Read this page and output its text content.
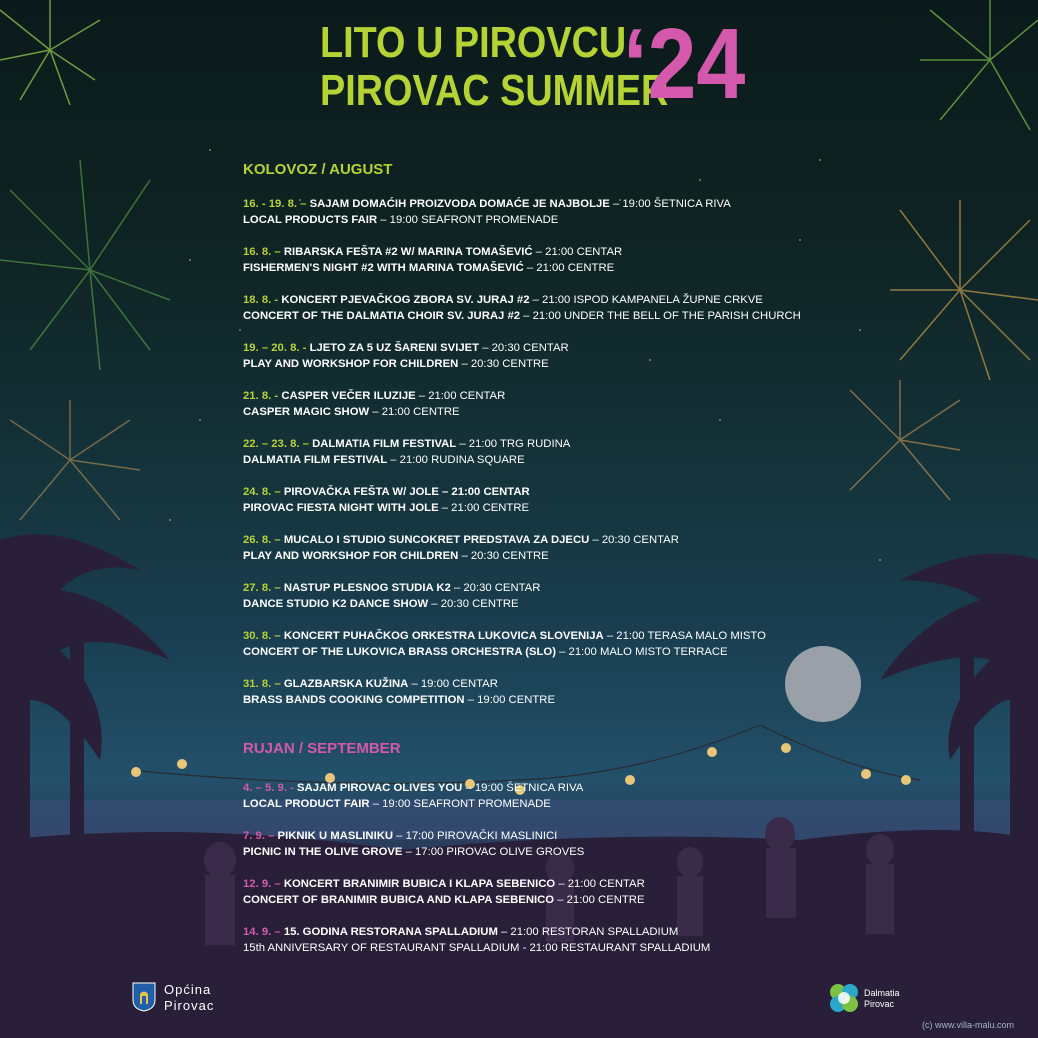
LITO U PIROVCU
PIROVAC SUMMER
‘24
KOLOVOZ / AUGUST
16. - 19. 8. – SAJAM DOMAĆIH PROIZVODA DOMAĆE JE NAJBOLJE – 19:00 ŠETNICA RIVA
LOCAL PRODUCTS FAIR – 19:00 SEAFRONT PROMENADE
16. 8. – RIBARSKA FEŠTA #2 W/ MARINA TOMAŠEVIĆ – 21:00 CENTAR
FISHERMEN'S NIGHT #2 WITH MARINA TOMAŠEVIĆ – 21:00 CENTRE
18. 8. - KONCERT PJEVAČKOG ZBORA SV. JURAJ #2 – 21:00 ISPOD KAMPANELA ŽUPNE CRKVE
CONCERT OF THE DALMATIA CHOIR SV. JURAJ #2 – 21:00 UNDER THE BELL OF THE PARISH CHURCH
19. – 20. 8. - LJETO ZA 5 UZ ŠARENI SVIJET – 20:30 CENTAR
PLAY AND WORKSHOP FOR CHILDREN – 20:30 CENTRE
21. 8. - CASPER VEČER ILUZIJE – 21:00 CENTAR
CASPER MAGIC SHOW – 21:00 CENTRE
22. – 23. 8. – DALMATIA FILM FESTIVAL – 21:00 TRG RUDINA
DALMATIA FILM FESTIVAL – 21:00 RUDINA SQUARE
24. 8. – PIROVAČKA FEŠTA W/ JOLE – 21:00 CENTAR
PIROVAC FIESTA NIGHT WITH JOLE – 21:00 CENTRE
26. 8. – MUCALO I STUDIO SUNCOKRET PREDSTAVA ZA DJECU – 20:30 CENTAR
PLAY AND WORKSHOP FOR CHILDREN – 20:30 CENTRE
27. 8. – NASTUP PLESNOG STUDIA K2 – 20:30 CENTAR
DANCE STUDIO K2 DANCE SHOW – 20:30 CENTRE
30. 8. – KONCERT PUHAČKOG ORKESTRA LUKOVICA SLOVENIJA – 21:00 TERASA MALO MISTO
CONCERT OF THE LUKOVICA BRASS ORCHESTRA (SLO) – 21:00 MALO MISTO TERRACE
31. 8. – GLAZBARSKA KUŽINA – 19:00 CENTAR
BRASS BANDS COOKING COMPETITION – 19:00 CENTRE
RUJAN / SEPTEMBER
4. – 5. 9. - SAJAM PIROVAC OLIVES YOU – 19:00 ŠETNICA RIVA
LOCAL PRODUCT FAIR – 19:00 SEAFRONT PROMENADE
7. 9. – PIKNIK U MASLINIKU – 17:00 PIROVAČKI MASLINICI
PICNIC IN THE OLIVE GROVE – 17:00 PIROVAC OLIVE GROVES
12. 9. – KONCERT BRANIMIR BUBICA I KLAPA SEBENICO – 21:00 CENTAR
CONCERT OF BRANIMIR BUBICA AND KLAPA SEBENICO – 21:00 CENTRE
14. 9. – 15. GODINA RESTORANA SPALLADIUM – 21:00 RESTORAN SPALLADIUM
15th ANNIVERSARY OF RESTAURANT SPALLADIUM - 21:00 RESTAURANT SPALLADIUM
Općina
Pirovac
Dalmatia
Pirovac
(c) www.villa-malu.com
